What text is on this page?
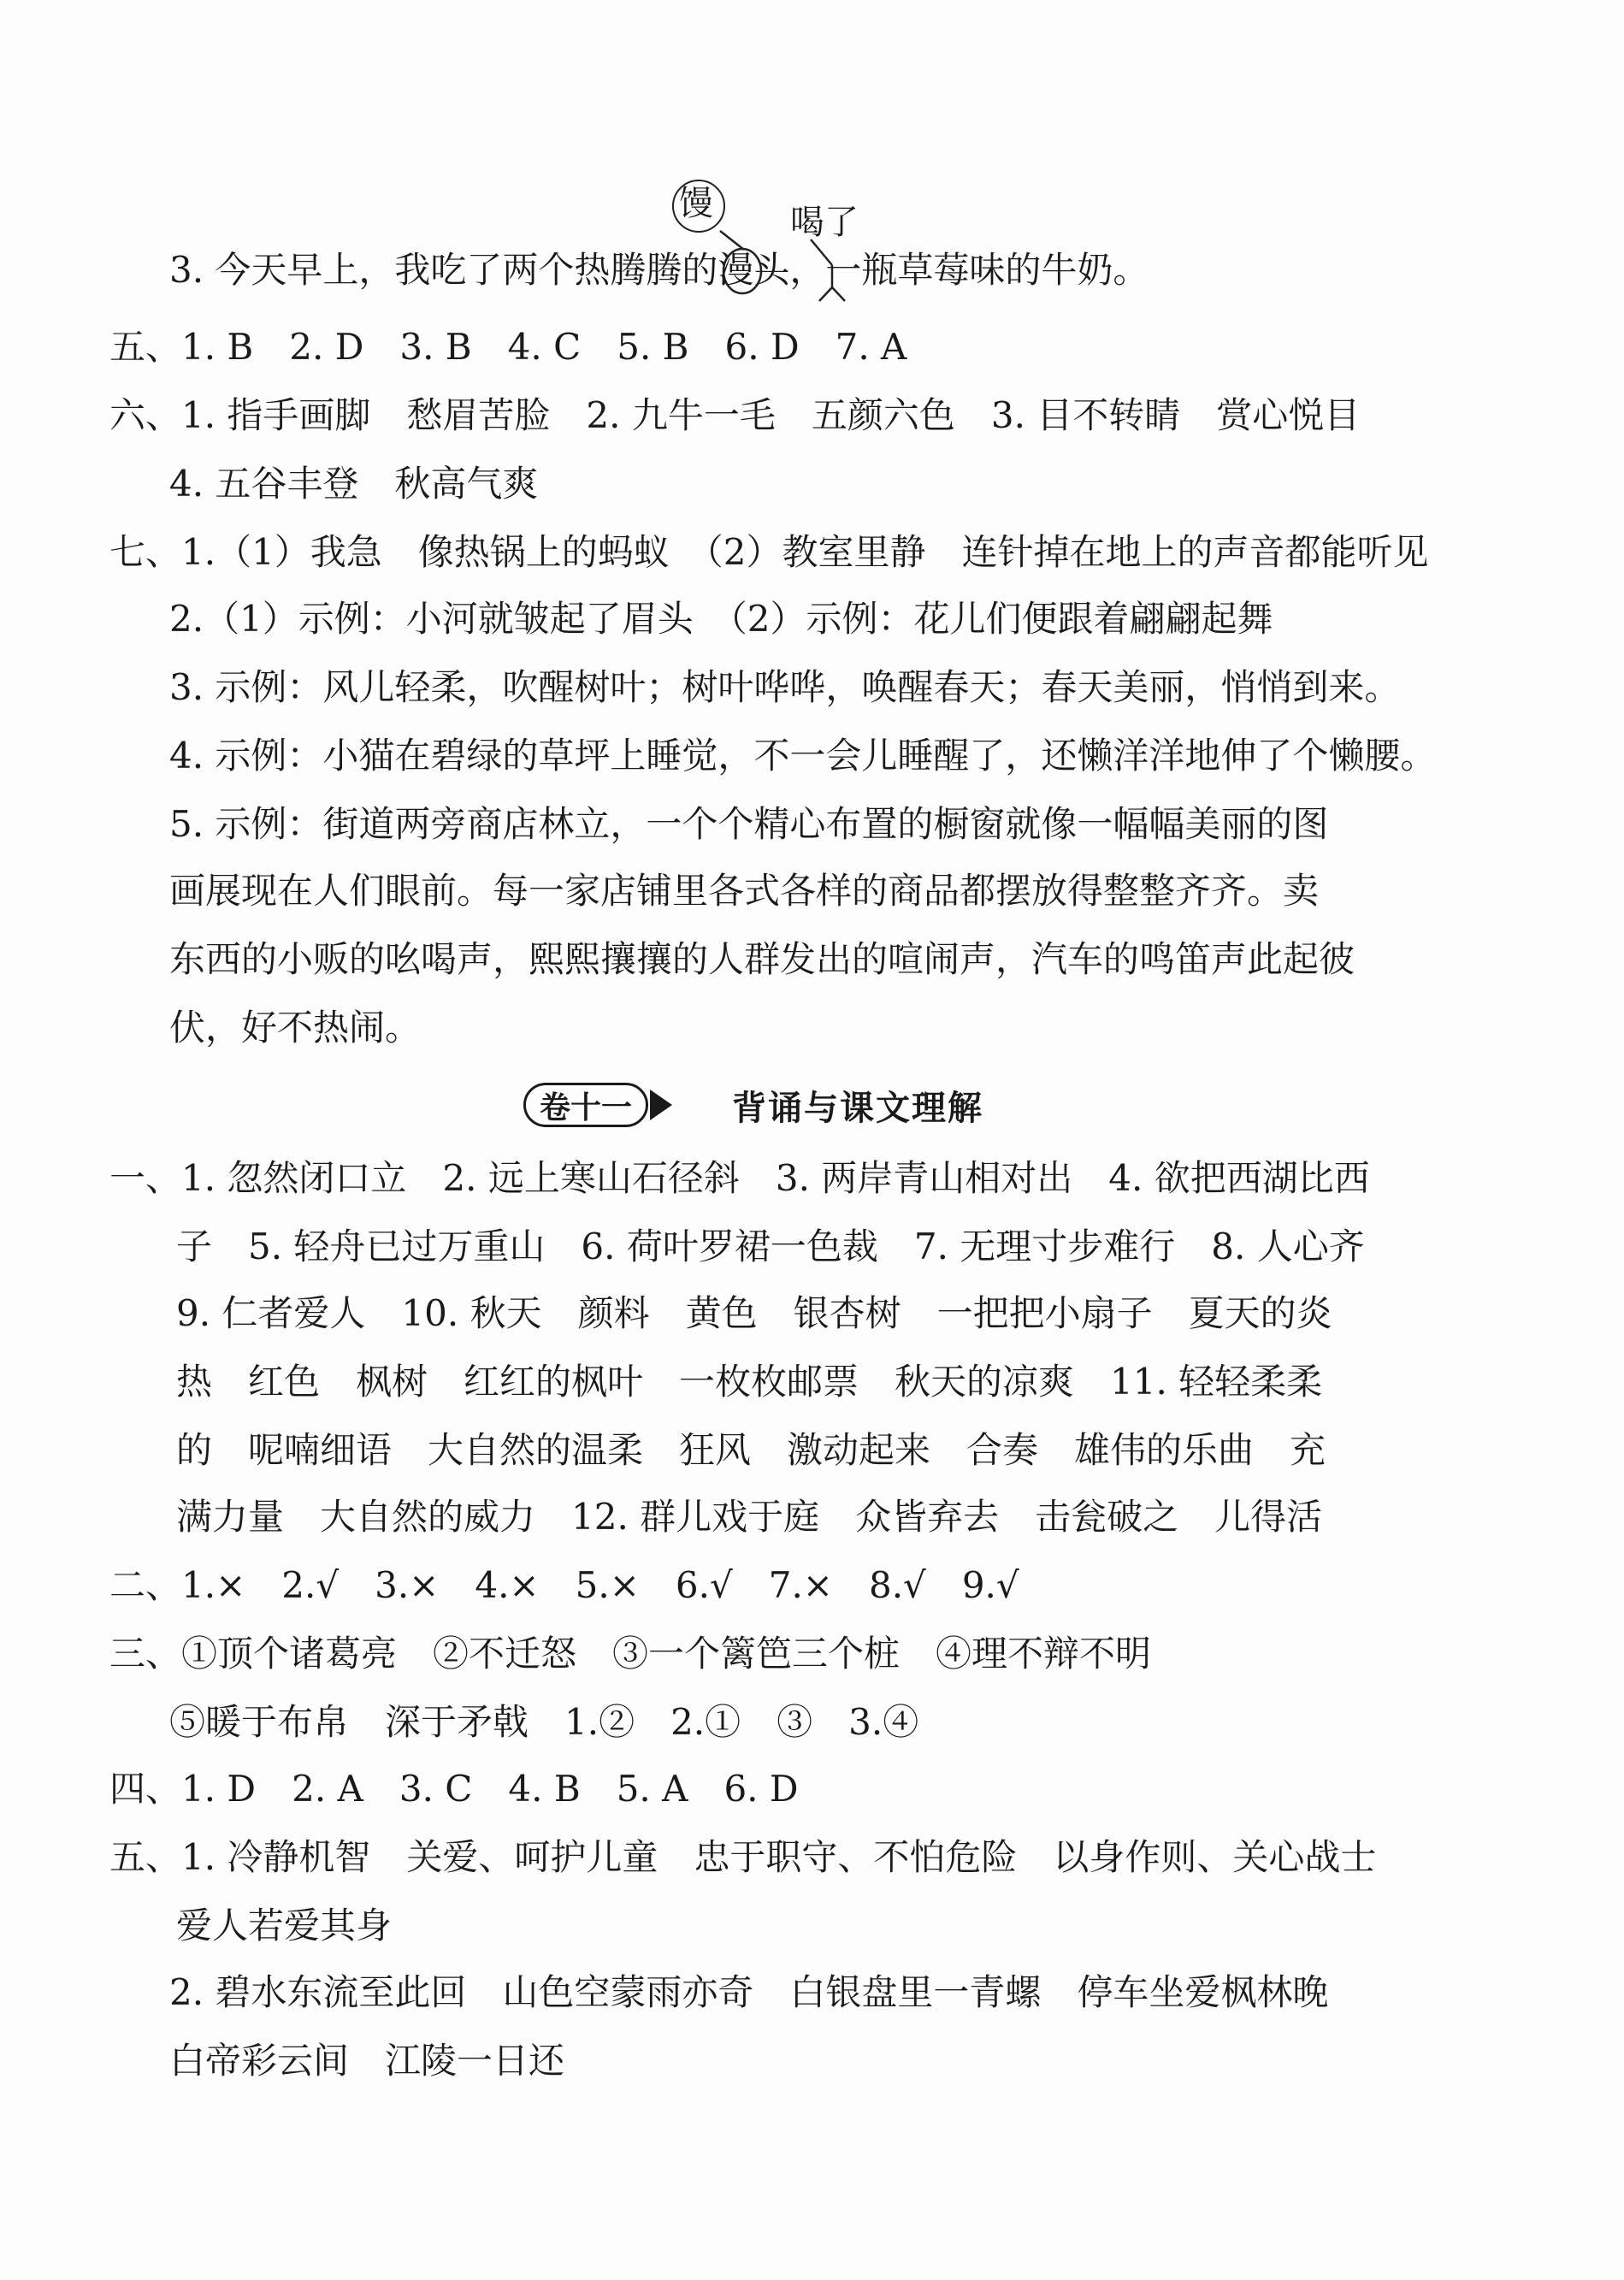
馒 喝了
3. 今天早上，我吃了两个热腾腾的漫头，一瓶草莓味的牛奶。
五、1. B　2. D　3. B　4. C　5. B　6. D　7. A
六、1. 指手画脚　愁眉苦脸　2. 九牛一毛　五颜六色　3. 目不转睛　赏心悦目
4. 五谷丰登　秋高气爽
七、1.（1）我急　像热锅上的蚂蚁　（2）教室里静　连针掉在地上的声音都能听见
2.（1）示例：小河就皱起了眉头　（2）示例：花儿们便跟着翩翩起舞
3. 示例：风儿轻柔，吹醒树叶；树叶哗哗，唤醒春天；春天美丽，悄悄到来。
4. 示例：小猫在碧绿的草坪上睡觉，不一会儿睡醒了，还懒洋洋地伸了个懒腰。
5. 示例：街道两旁商店林立，一个个精心布置的橱窗就像一幅幅美丽的图
画展现在人们眼前。每一家店铺里各式各样的商品都摆放得整整齐齐。卖
东西的小贩的吆喝声，熙熙攘攘的人群发出的喧闹声，汽车的鸣笛声此起彼
伏，好不热闹。
卷十一	背诵与课文理解
一、1. 忽然闭口立　2. 远上寒山石径斜　3. 两岸青山相对出　4. 欲把西湖比西
子　5. 轻舟已过万重山　6. 荷叶罗裙一色裁　7. 无理寸步难行　8. 人心齐
9. 仁者爱人　10. 秋天　颜料　黄色　银杏树　一把把小扇子　夏天的炎
热　红色　枫树　红红的枫叶　一枚枚邮票　秋天的凉爽　11. 轻轻柔柔
的　呢喃细语　大自然的温柔　狂风　激动起来　合奏　雄伟的乐曲　充
满力量　大自然的威力　12. 群儿戏于庭　众皆弃去　击瓮破之　儿得活
二、1.×　2.√　3.×　4.×　5.×　6.√　7.×　8.√　9.√
三、①顶个诸葛亮　②不迁怒　③一个篱笆三个桩　④理不辩不明
⑤暖于布帛　深于矛戟　1.②　2.①　③　3.④
四、1. D　2. A　3. C　4. B　5. A　6. D
五、1. 冷静机智　关爱、呵护儿童　忠于职守、不怕危险　以身作则、关心战士
爱人若爱其身
2. 碧水东流至此回　山色空蒙雨亦奇　白银盘里一青螺　停车坐爱枫林晚
白帝彩云间　江陵一日还
